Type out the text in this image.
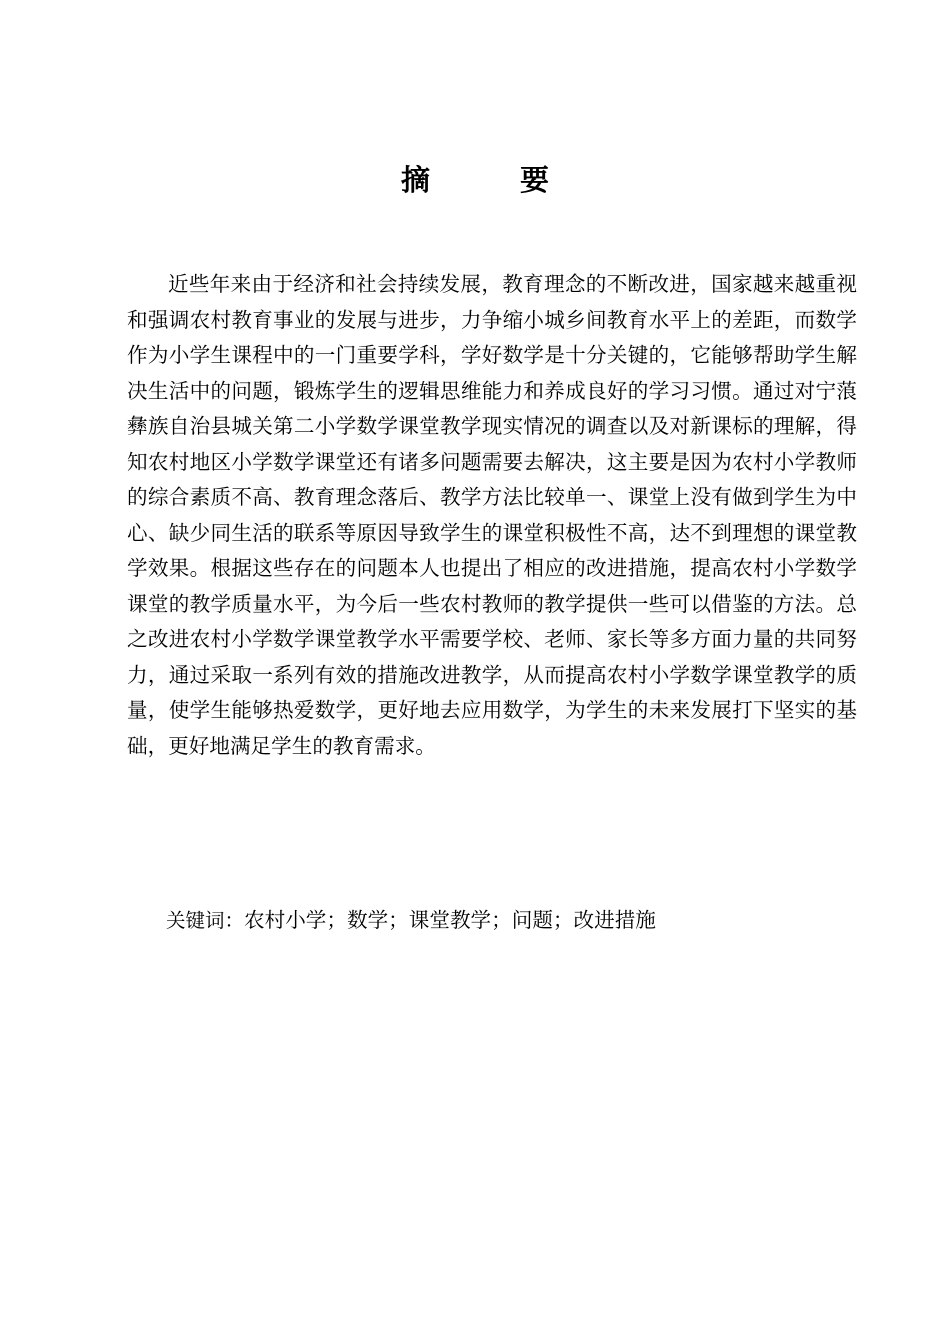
摘 要

近些年来由于经济和社会持续发展，教育理念的不断改进，国家越来越重视和强调农村教育事业的发展与进步，力争缩小城乡间教育水平上的差距，而数学作为小学生课程中的一门重要学科，学好数学是十分关键的，它能够帮助学生解决生活中的问题，锻炼学生的逻辑思维能力和养成良好的学习习惯。通过对宁蒗彝族自治县城关第二小学数学课堂教学现实情况的调查以及对新课标的理解，得知农村地区小学数学课堂还有诸多问题需要去解决，这主要是因为农村小学教师的综合素质不高、教育理念落后、教学方法比较单一、课堂上没有做到学生为中心、缺少同生活的联系等原因导致学生的课堂积极性不高，达不到理想的课堂教学效果。根据这些存在的问题本人也提出了相应的改进措施，提高农村小学数学课堂的教学质量水平，为今后一些农村教师的教学提供一些可以借鉴的方法。总之改进农村小学数学课堂教学水平需要学校、老师、家长等多方面力量的共同努力，通过采取一系列有效的措施改进教学，从而提高农村小学数学课堂教学的质量，使学生能够热爱数学，更好地去应用数学，为学生的未来发展打下坚实的基础，更好地满足学生的教育需求。

关键词：农村小学；数学；课堂教学；问题；改进措施
